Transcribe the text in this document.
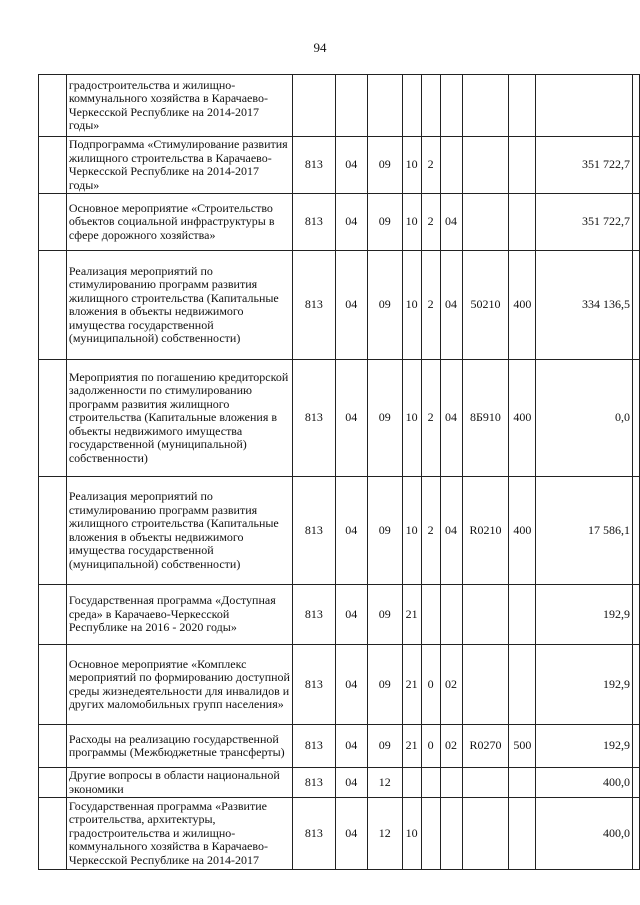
94

	градостроительства и жилищно-коммунального хозяйства в Карачаево-Черкесской Республике на 2014-2017 годы»										

	Подпрограмма «Стимулирование развития жилищного строительства в Карачаево-Черкесской Республике на 2014-2017 годы»	813	04	09	10	2				351 722,7	

	Основное мероприятие «Строительство объектов социальной инфраструктуры в сфере дорожного хозяйства»	813	04	09	10	2	04			351 722,7	

	Реализация мероприятий по стимулированию программ развития жилищного строительства (Капитальные вложения в объекты недвижимого имущества государственной (муниципальной) собственности)	813	04	09	10	2	04	50210	400	334 136,5	

	Мероприятия по погашению кредиторской задолженности по стимулированию программ развития жилищного строительства (Капитальные вложения в объекты недвижимого имущества государственной (муниципальной) собственности)	813	04	09	10	2	04	8Б910	400	0,0	

	Реализация мероприятий по стимулированию программ развития жилищного строительства (Капитальные вложения в объекты недвижимого имущества государственной (муниципальной) собственности)	813	04	09	10	2	04	R0210	400	17 586,1	

	Государственная программа «Доступная среда» в Карачаево-Черкесской Республике на 2016 - 2020 годы»	813	04	09	21					192,9	

	Основное мероприятие «Комплекс мероприятий по формированию доступной среды жизнедеятельности для инвалидов и других маломобильных групп населения»	813	04	09	21	0	02			192,9	

	Расходы на реализацию государственной программы (Межбюджетные трансферты)	813	04	09	21	0	02	R0270	500	192,9	

	Другие вопросы в области национальной экономики	813	04	12						400,0	

	Государственная программа «Развитие строительства, архитектуры, градостроительства и жилищно-коммунального хозяйства в Карачаево-Черкесской Республике на 2014-2017	813	04	12	10					400,0	
